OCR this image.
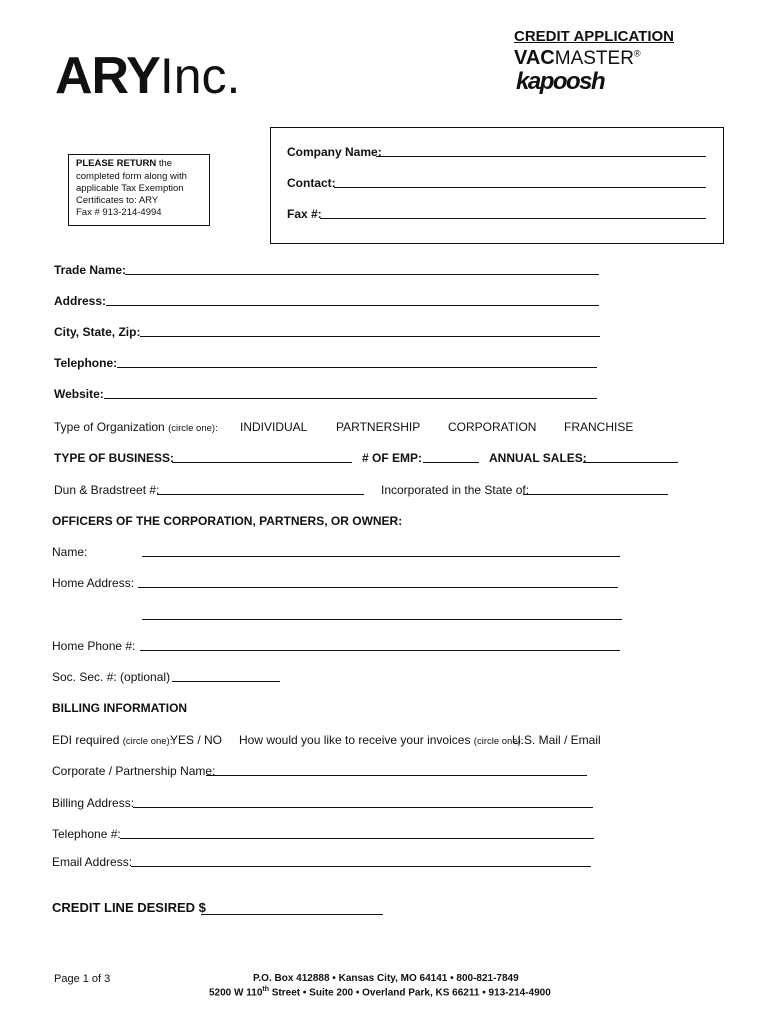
ARYInc.
CREDIT APPLICATION
VACMASTER®
kapoosh
Company Name:
Contact:
Fax #:
PLEASE RETURN the
completed form along with
applicable Tax Exemption
Certificates to: ARY
Fax # 913-214-4994
Trade Name:
Address:
City, State, Zip:
Telephone:
Website:
Type of Organization (circle one): INDIVIDUAL PARTNERSHIP CORPORATION FRANCHISE
TYPE OF BUSINESS:	# OF EMP:	ANNUAL SALES:
Dun & Bradstreet #:	Incorporated in the State of:
OFFICERS OF THE CORPORATION, PARTNERS, OR OWNER:
Name:
Home Address:
Home Phone #:
Soc. Sec. #: (optional)
BILLING INFORMATION
EDI required (circle one):
YES / NO How would you like to receive your invoices (circle one):
U.S. Mail / Email
Corporate / Partnership Name:
Billing Address:
Telephone #:
Email Address:
CREDIT LINE DESIRED $
Page 1 of 3	P.O. Box 412888 • Kansas City, MO 64141 • 800-821-7849
5200 W 110th Street • Suite 200 • Overland Park, KS 66211 • 913-214-4900
